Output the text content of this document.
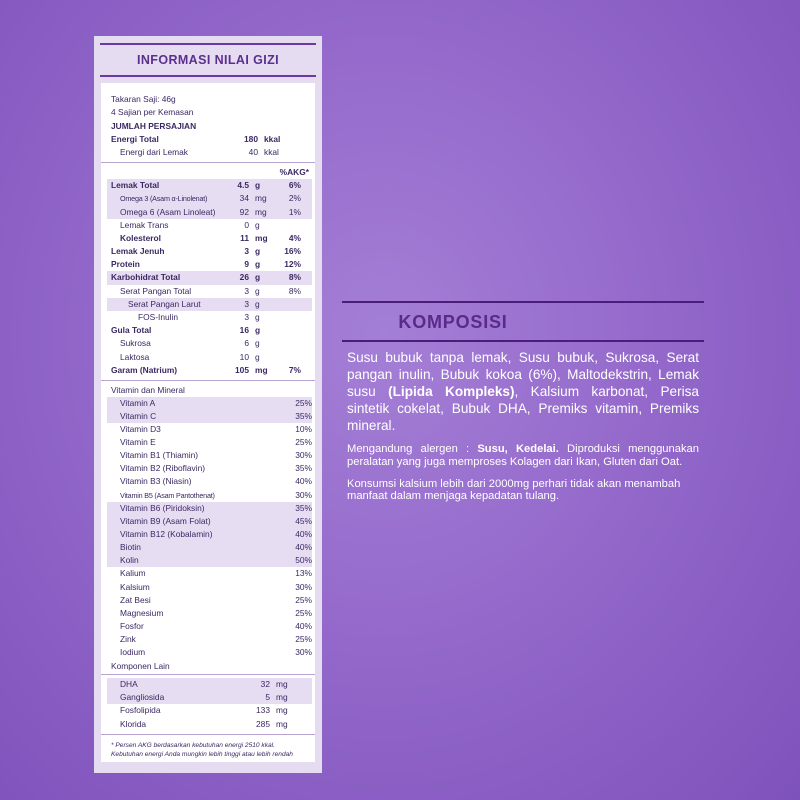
INFORMASI NILAI GIZI
Takaran Saji: 46g
4 Sajian per Kemasan
JUMLAH PERSAJIAN
Energi Total	180 kkal
Energi dari Lemak	40 kkal
%AKG*
Lemak Total	4.5 g	6%
Omega 3 (Asam α-Linolenat)	34 mg	2%
Omega 6 (Asam Linoleat)	92 mg	1%
Lemak Trans	0 g
Kolesterol	11 mg	4%
Lemak Jenuh	3 g	16%
Protein	9 g	12%
Karbohidrat Total	26 g	8%
Serat Pangan Total	3 g	8%
Serat Pangan Larut	3 g
FOS-Inulin	3 g
Gula Total	16 g
Sukrosa	6 g
Laktosa	10 g
Garam (Natrium)	105 mg	7%
Vitamin dan Mineral
Vitamin A	25%
Vitamin C	35%
Vitamin D3	10%
Vitamin E	25%
Vitamin B1 (Thiamin)	30%
Vitamin B2 (Riboflavin)	35%
Vitamin B3 (Niasin)	40%
Vitamin B5 (Asam Pantothenat)	30%
Vitamin B6 (Piridoksin)	35%
Vitamin B9 (Asam Folat)	45%
Vitamin B12 (Kobalamin)	40%
Biotin	40%
Kolin	50%
Kalium	13%
Kalsium	30%
Zat Besi	25%
Magnesium	25%
Fosfor	40%
Zink	25%
Iodium	30%
Komponen Lain
DHA	32 mg
Gangliosida	5 mg
Fosfolipida	133 mg
Klorida	285 mg
* Persen AKG berdasarkan kebutuhan energi 2510 kkal. Kebutuhan energi Anda mungkin lebih tinggi atau lebih rendah
KOMPOSISI

Susu bubuk tanpa lemak, Susu bubuk, Sukrosa, Serat pangan inulin, Bubuk kokoa (6%), Maltodekstrin, Lemak susu (Lipida Kompleks), Kalsium karbonat, Perisa sintetik cokelat, Bubuk DHA, Premiks vitamin, Premiks mineral.

Mengandung alergen : Susu, Kedelai. Diproduksi menggunakan peralatan yang juga memproses Kolagen dari Ikan, Gluten dari Oat.

Konsumsi kalsium lebih dari 2000mg perhari tidak akan menambah manfaat dalam menjaga kepadatan tulang.
